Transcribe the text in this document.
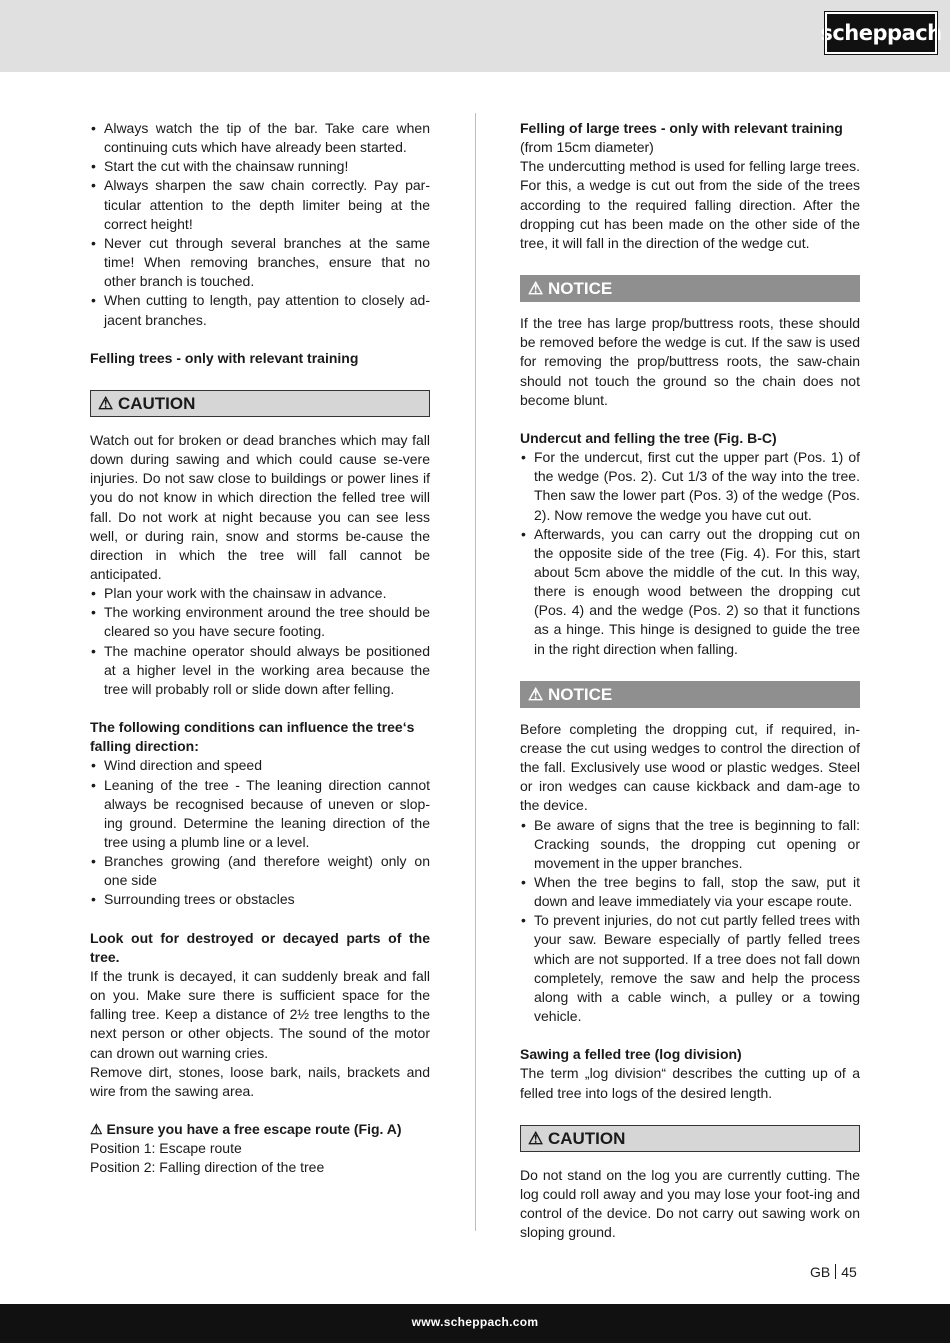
scheppach
• Always watch the tip of the bar. Take care when continuing cuts which have already been started.
• Start the cut with the chainsaw running!
• Always sharpen the saw chain correctly. Pay par-ticular attention to the depth limiter being at the correct height!
• Never cut through several branches at the same time! When removing branches, ensure that no other branch is touched.
• When cutting to length, pay attention to closely ad-jacent branches.

Felling trees - only with relevant training

⚠ CAUTION

Watch out for broken or dead branches which may fall down during sawing and which could cause se-vere injuries. Do not saw close to buildings or power lines if you do not know in which direction the felled tree will fall. Do not work at night because you can see less well, or during rain, snow and storms be-cause the direction in which the tree will fall cannot be anticipated.

• Plan your work with the chainsaw in advance.
• The working environment around the tree should be cleared so you have secure footing.
• The machine operator should always be positioned at a higher level in the working area because the tree will probably roll or slide down after felling.

The following conditions can influence the tree‘s falling direction:

• Wind direction and speed
• Leaning of the tree - The leaning direction cannot always be recognised because of uneven or slop-ing ground. Determine the leaning direction of the tree using a plumb line or a level.
• Branches growing (and therefore weight) only on one side
• Surrounding trees or obstacles

Look out for destroyed or decayed parts of the tree.

If the trunk is decayed, it can suddenly break and fall on you. Make sure there is sufficient space for the falling tree. Keep a distance of 2½ tree lengths to the next person or other objects. The sound of the motor can drown out warning cries.

Remove dirt, stones, loose bark, nails, brackets and wire from the sawing area.

⚠ Ensure you have a free escape route (Fig. A)

Position 1: Escape route

Position 2: Falling direction of the tree

Felling of large trees - only with relevant training

(from 15cm diameter)

The undercutting method is used for felling large trees. For this, a wedge is cut out from the side of the trees according to the required falling direction. After the dropping cut has been made on the other side of the tree, it will fall in the direction of the wedge cut.

⚠ NOTICE

If the tree has large prop/buttress roots, these should be removed before the wedge is cut. If the saw is used for removing the prop/buttress roots, the saw-chain should not touch the ground so the chain does not become blunt.

Undercut and felling the tree (Fig. B-C)

• For the undercut, first cut the upper part (Pos. 1) of the wedge (Pos. 2). Cut 1/3 of the way into the tree. Then saw the lower part (Pos. 3) of the wedge (Pos. 2). Now remove the wedge you have cut out.
• Afterwards, you can carry out the dropping cut on the opposite side of the tree (Fig. 4). For this, start about 5cm above the middle of the cut. In this way, there is enough wood between the dropping cut (Pos. 4) and the wedge (Pos. 2) so that it functions as a hinge. This hinge is designed to guide the tree in the right direction when falling.
⚠ NOTICE

Before completing the dropping cut, if required, in-crease the cut using wedges to control the direction of the fall. Exclusively use wood or plastic wedges. Steel or iron wedges can cause kickback and dam-age to the device.

• Be aware of signs that the tree is beginning to fall: Cracking sounds, the dropping cut opening or movement in the upper branches.
• When the tree begins to fall, stop the saw, put it down and leave immediately via your escape route.
• To prevent injuries, do not cut partly felled trees with your saw. Beware especially of partly felled trees which are not supported. If a tree does not fall down completely, remove the saw and help the process along with a cable winch, a pulley or a towing vehicle.

Sawing a felled tree (log division)

The term „log division“ describes the cutting up of a felled tree into logs of the desired length.

⚠ CAUTION

Do not stand on the log you are currently cutting. The log could roll away and you may lose your foot-ing and control of the device. Do not carry out sawing work on sloping ground.

GB 45
www.scheppach.com
